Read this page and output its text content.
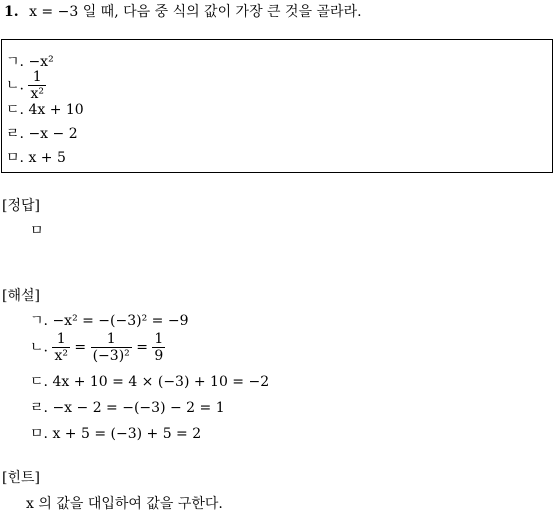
1. x = −3 일 때, 다음 중 식의 값이 가장 큰 것을 골라라.
ㄱ. −x²
ㄴ. $\frac{1}{\text{x²}}$
ㄷ. 4x + 10
ㄹ. −x − 2
ㅁ. x + 5
[정답]
ㅁ
[해설]
ㄱ. −x² = −(−3)² = −9
ㄴ. $\frac{1}{\text{x²}} = \frac{1}{\text{(−3)²}} = \frac{1}{9}$
ㄷ. 4x + 10 = 4 × (−3) + 10 = −2
ㄹ. −x − 2 = −(−3) − 2 = 1
ㅁ. x + 5 = (−3) + 5 = 2
[힌트]
x 의 값을 대입하여 값을 구한다.
